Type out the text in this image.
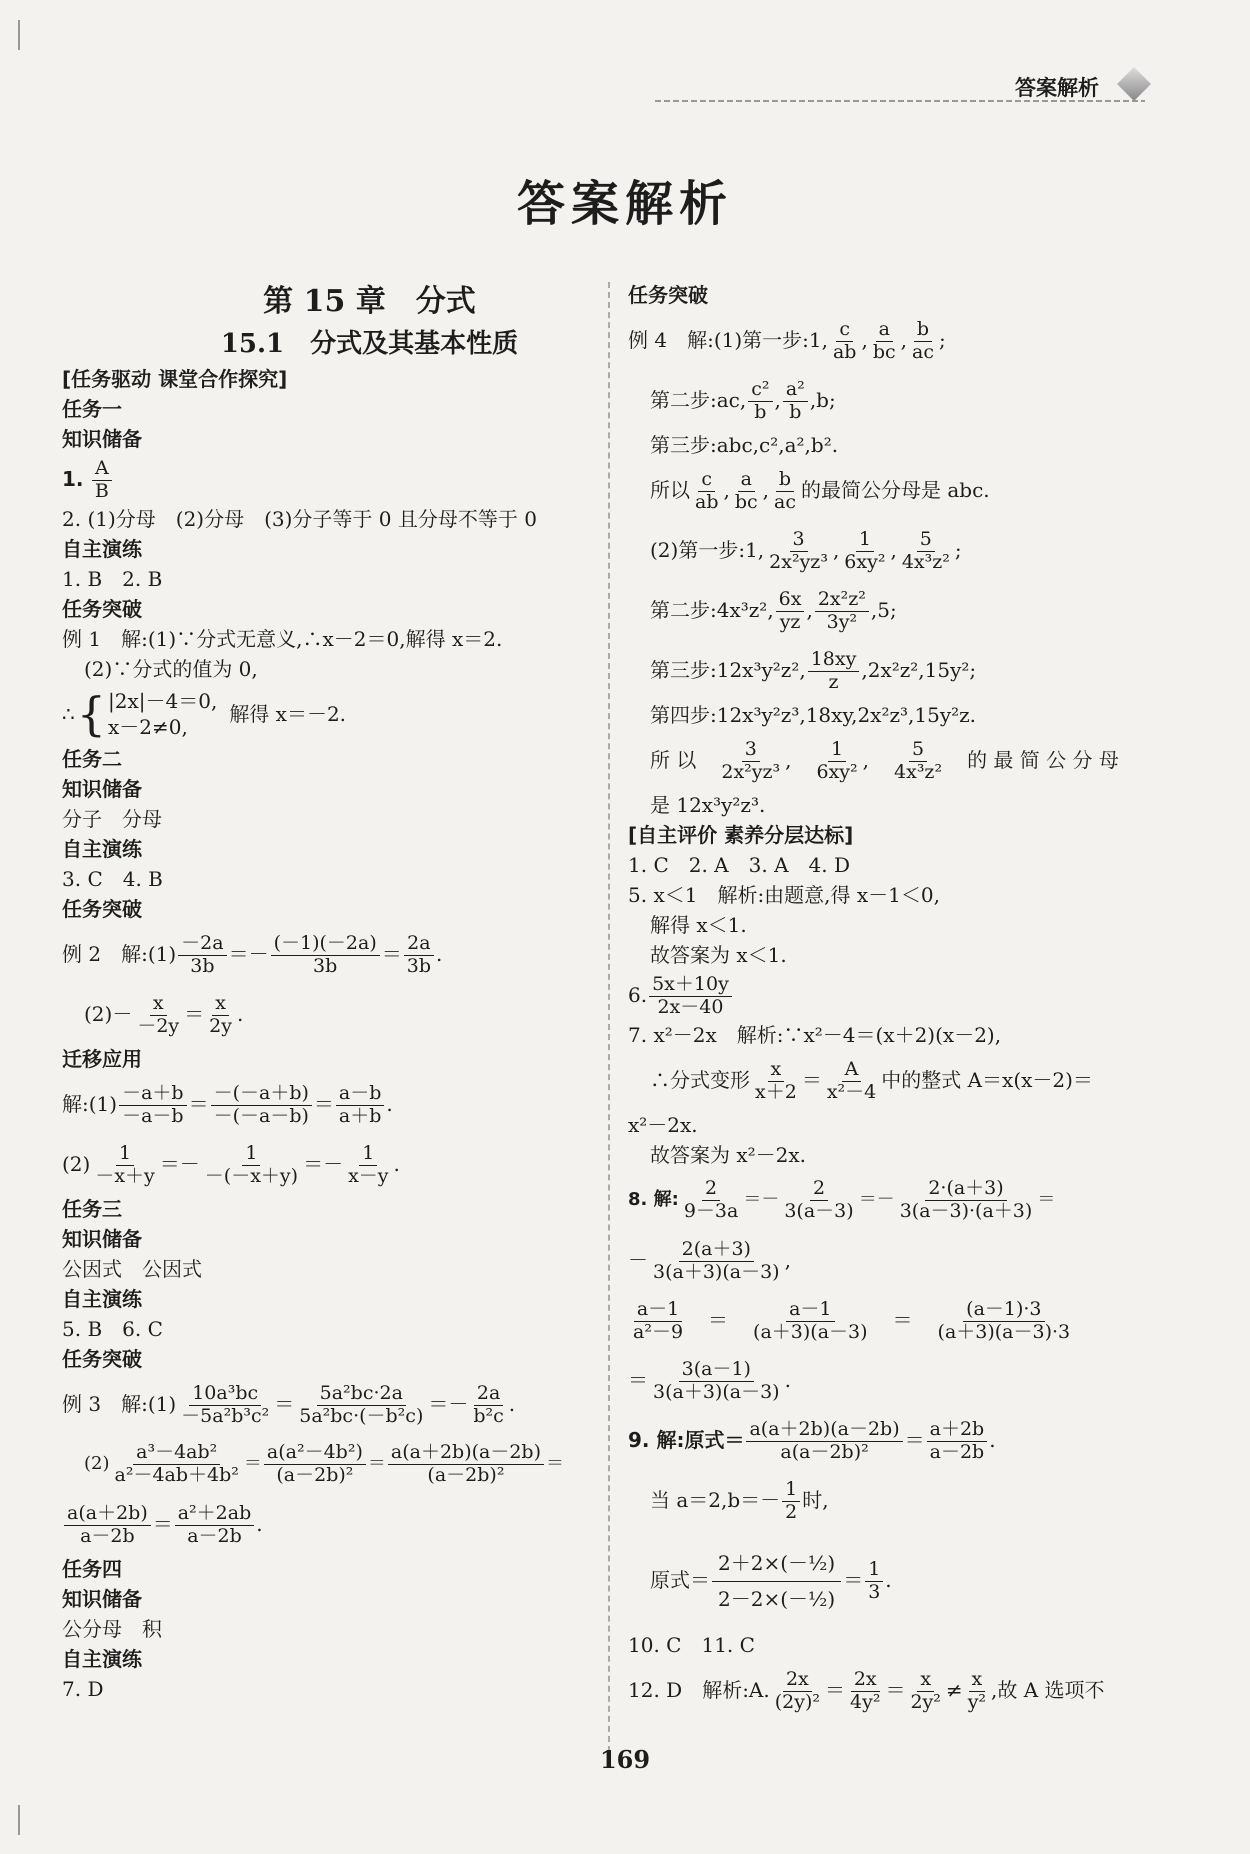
答案解析
答案解析
第 15 章　分式
15.1　分式及其基本性质
[任务驱动 课堂合作探究]
任务一
知识储备
1. $\frac{A}{B}$
2. (1)分母　(2)分母　(3)分子等于 0 且分母不等于 0
自主演练
1. B　2. B
任务突破
例 1　解:(1)∵分式无意义,∴x－2＝0,解得 x＝2.
(2)∵分式的值为 0,
∴ { |2x|－4＝0,
x－2≠0,
解得 x＝－2.
任务二
知识储备
分子　分母
自主演练
3. C　4. B
任务突破
例 2　解:(1) $\frac{-2a}{3b} =- \frac{(-1)(-2a)}{3b} = \frac{2a}{3b}$ .
$(2)- \frac{x}{-2y} = \frac{x}{2y}$ .
迁移应用
解:(1) $\frac{-a+b}{-a-b} = \frac{-(-a+b)}{-(-a-b)} = \frac{a-b}{a+b}$ .
$(2) \frac{1}{-x+y} =- \frac{1}{-(-x+y)} =- \frac{1}{x-y}$ .
任务三
知识储备
公因式　公因式
自主演练
5. B　6. C
任务突破
例 3　解:(1) $\frac{\text{10a³bc}}{\text{－5a²b³c²}} = \frac{\text{5a²bc·2a}}{\text{5a²bc·(－b²c)}} =- \frac{2a}{\text{b²c}}$ .
$(2) \frac{\text{a³－4ab²}}{\text{a²－4ab＋4b²}} = \frac{\text{a(a²－4b²)}}{\text{(a－2b)²}} = \frac{a(a+2b)(a-2b)}{\text{(a－2b)²}}$ ＝
$\frac{a(a+2b)}{a-2b} = \frac{\text{a²＋2ab}}{a-2b}$ .
任务四
知识储备
公分母　积
自主演练
7. D
任务突破
例 4　解:(1)第一步:1, $\frac{c}{ab}$ , $\frac{a}{bc}$ , $\frac{b}{ac}$ ;
第二步:ac, $\frac{\text{c²}}{b}$ , $\frac{\text{a²}}{b} ,b$;
第三步:abc,c²,a²,b².
所以 $\frac{c}{ab}$ , $\frac{a}{bc}$ , $\frac{b}{ac}$ 的最简公分母是 abc.
(2)第一步:1, $\frac{3}{\text{2x²yz³}}$ , $\frac{1}{\text{6xy²}}$ , $\frac{5}{\text{4x³z²}}$ ;
第二步:4x³z², $\frac{6x}{yz}$ , $\frac{\text{2x²z²}}{\text{3y²}} ,5$;
第三步:12x³y²z², $\frac{18xy}{z} ,2x^2z^2,15y^2$;
第四步:12x³y²z³,18xy,2x²z³,15y²z.
所 以　 $\frac{3}{\text{2x²yz³}}$ ,　 $\frac{1}{\text{6xy²}}$ ,　 $\frac{5}{\text{4x³z²}}$
　 的 最 简 公 分 母
是 12x³y²z³.
[自主评价 素养分层达标]
1. C　2. A　3. A　4. D
5. x＜1　解析:由题意,得 x－1＜0,
解得 x＜1.
故答案为 x＜1.
6. $\frac{5x+10y}{2x-40}$
7. x²－2x　解析:∵x²－4＝(x＋2)(x－2),
∴分式变形 $\frac{x}{x+2} = \frac{A}{\text{x²－4}}$ 中的整式 A＝x(x－2)＝
x²－2x.
故答案为 x²－2x.
8. 解: $\frac{2}{9-3a} =- \frac{2}{3(a-3)} =- \frac{2\cdot(a+3)}{3(a-3)\cdot(a+3)}$ ＝
－ $\frac{2(a+3)}{3(a+3)(a-3)}$ ,
$\frac{a-1}{\text{a²－9}}$ 　＝　 $\frac{a-1}{(a+3)(a-3)}$ 　＝　 $\frac{(a-1)\cdot 3}{(a+3)(a-3)\cdot 3}$
＝ $\frac{3(a-1)}{3(a+3)(a-3)}$ .
9. 解:原式＝ $\frac{a(a+2b)(a-2b)}{\text{a(a－2b)²}} = \frac{a+2b}{a-2b}$ .
当 $a=2,b=- \frac{1}{2}$ 时,
原式＝ $\frac{\text{2＋2×(－½)}}{\text{2－2×(－½)}} = \frac{1}{3}$ .
10. C　11. C
12. D　解析:A. $\frac{2x}{\text{(2y)²}} = \frac{2x}{\text{4y²}} = \frac{x}{\text{2y²}} \ne \frac{x}{\text{y²}}$ ,故 A 选项不
169
